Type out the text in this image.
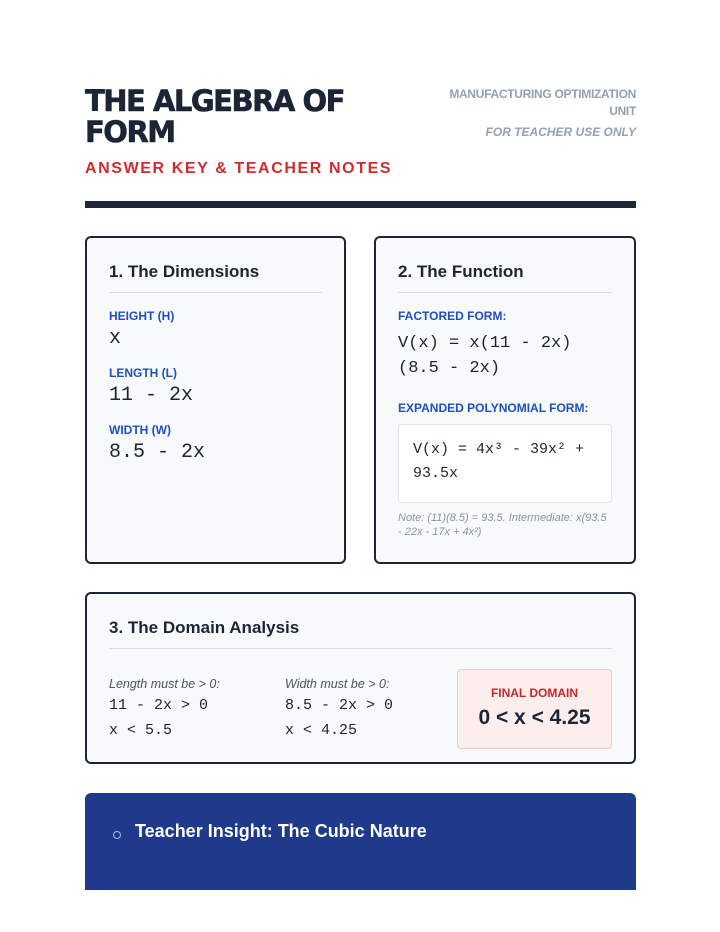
THE ALGEBRA OF FORM
ANSWER KEY & TEACHER NOTES
MANUFACTURING OPTIMIZATION UNIT
FOR TEACHER USE ONLY
1. The Dimensions
HEIGHT (H)
x
LENGTH (L)
11 - 2x
WIDTH (W)
8.5 - 2x
2. The Function
FACTORED FORM:
V(x) = x(11 - 2x)(8.5 - 2x)
EXPANDED POLYNOMIAL FORM:
V(x) = 4x³ - 39x² + 93.5x
Note: (11)(8.5) = 93.5. Intermediate: x(93.5 - 22x - 17x + 4x²)
3. The Domain Analysis
Length must be > 0:
11 - 2x > 0
x < 5.5
Width must be > 0:
8.5 - 2x > 0
x < 4.25
FINAL DOMAIN
0 < x < 4.25
Teacher Insight: The Cubic Nature
